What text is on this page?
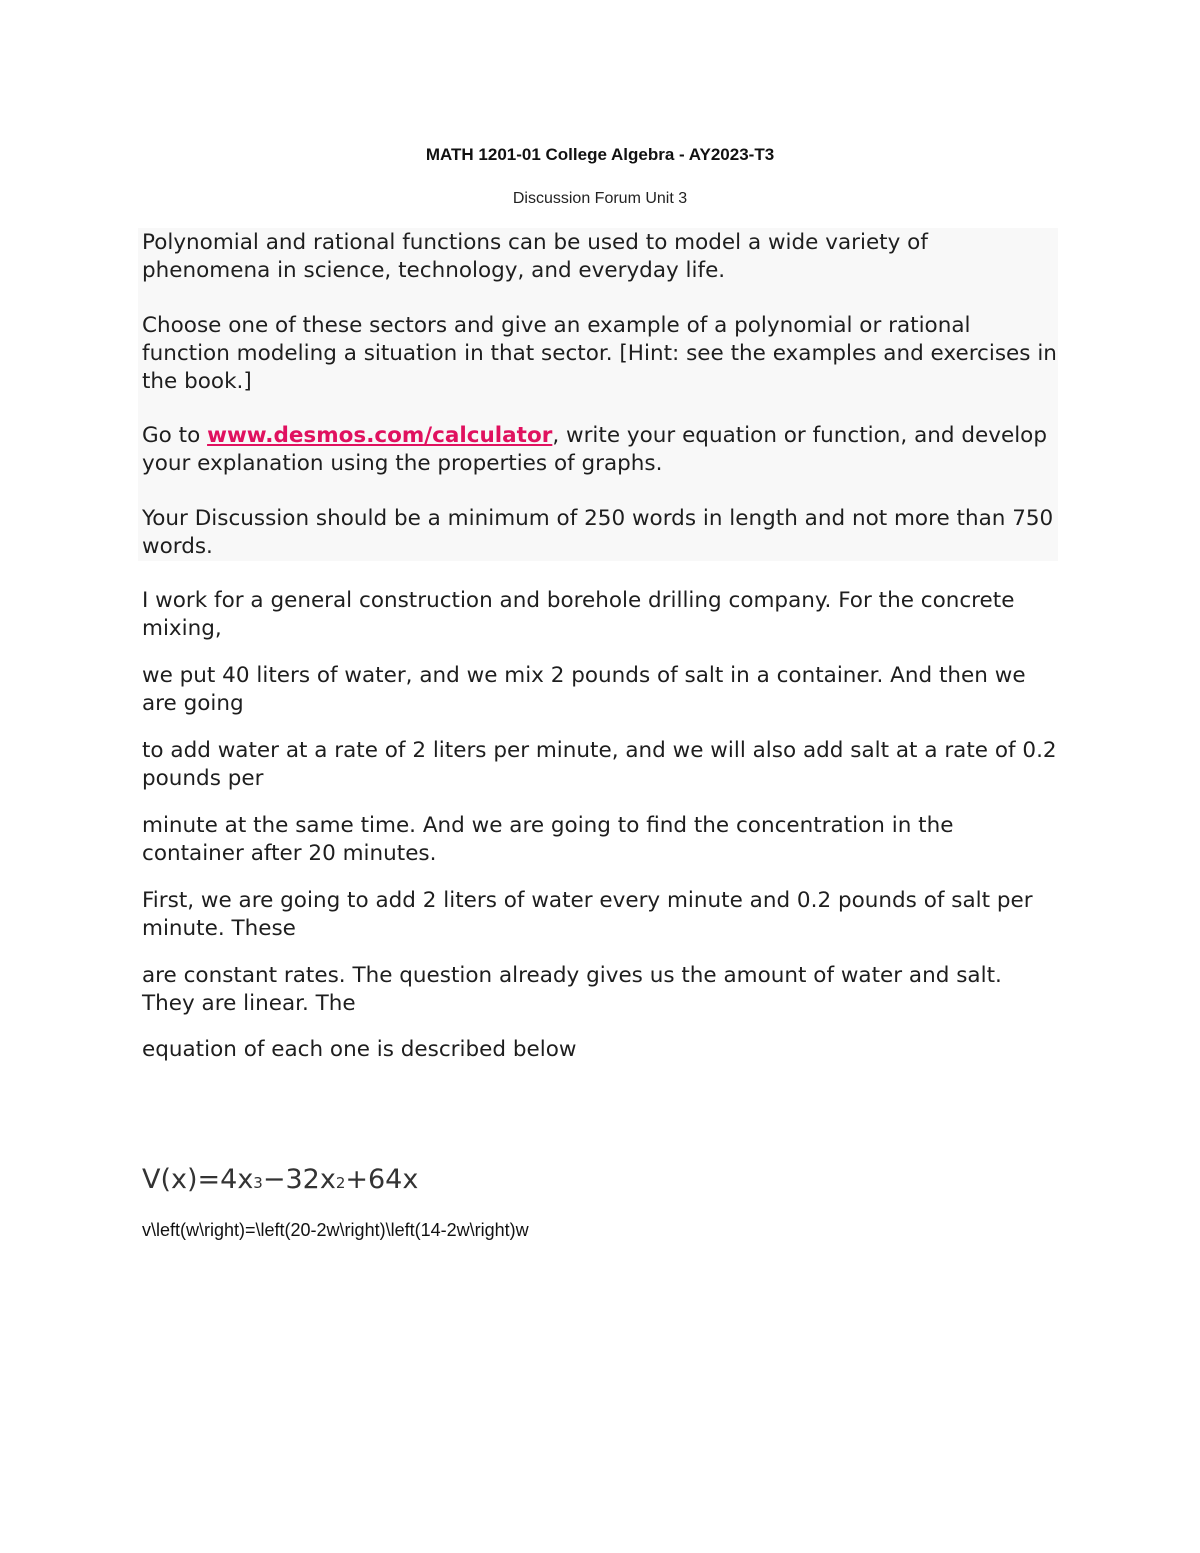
MATH 1201-01 College Algebra - AY2023-T3
Discussion Forum Unit 3

Polynomial and rational functions can be used to model a wide variety of phenomena in science, technology, and everyday life.

Choose one of these sectors and give an example of a polynomial or rational function modeling a situation in that sector. [Hint: see the examples and exercises in the book.]

Go to www.desmos.com/calculator, write your equation or function, and develop your explanation using the properties of graphs.

Your Discussion should be a minimum of 250 words in length and not more than 750 words.

I work for a general construction and borehole drilling company. For the concrete mixing,

we put 40 liters of water, and we mix 2 pounds of salt in a container. And then we are going

to add water at a rate of 2 liters per minute, and we will also add salt at a rate of 0.2 pounds per

minute at the same time. And we are going to find the concentration in the container after 20 minutes.

First, we are going to add 2 liters of water every minute and 0.2 pounds of salt per minute. These

are constant rates. The question already gives us the amount of water and salt. They are linear. The

equation of each one is described below

V(x)=4x3−32x2+64x

v\left(w\right)=\left(20-2w\right)\left(14-2w\right)w
